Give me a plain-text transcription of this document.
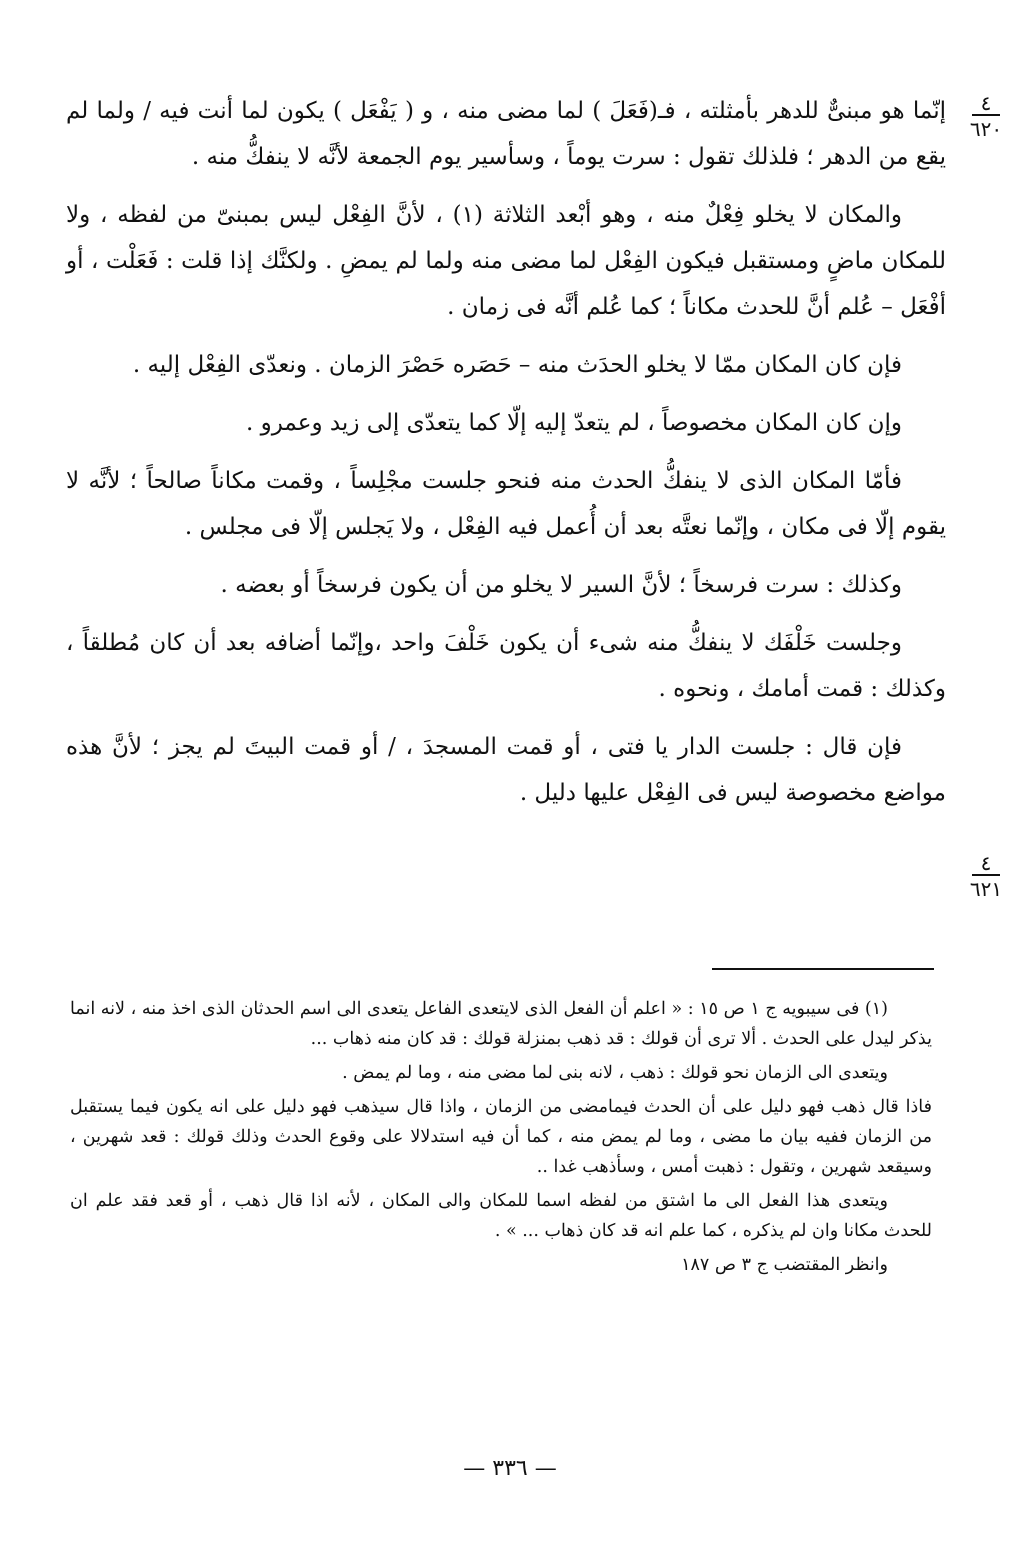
٤
٦٢٠
٤
٦٢١

إنّما هو مبنىٌّ للدهر بأمثلته ، فـ(فَعَلَ ) لما مضى منه ، و ( يَفْعَل ) يكون لما أنت فيه / ولما لم يقع من الدهر ؛ فلذلك تقول : سرت يوماً ، وسأسير يوم الجمعة لأنَّه لا ينفكُّ منه .

والمكان لا يخلو فِعْلٌ منه ، وهو أبْعد الثلاثة (١) ، لأنَّ الفِعْل ليس بمبنىّ من لفظه ، ولا للمكان ماضٍ ومستقبل فيكون الفِعْل لما مضى منه ولما لم يمضِ . ولكنَّك إذا قلت : فَعَلْت ، أو أفْعَل – عُلم أنَّ للحدث مكاناً ؛ كما عُلم أنَّه فى زمان .

فإن كان المكان ممّا لا يخلو الحدَث منه – حَصَره حَصْرَ الزمان . ونعدّى الفِعْل إليه .

وإن كان المكان مخصوصاً ، لم يتعدّ إليه إلّا كما يتعدّى إلى زيد وعمرو .

فأمّا المكان الذى لا ينفكُّ الحدث منه فنحو جلست مجْلِساً ، وقمت مكاناً صالحاً ؛ لأنَّه لا يقوم إلّا فى مكان ، وإنّما نعتَّه بعد أن أُعمل فيه الفِعْل ، ولا يَجلس إلّا فى مجلس .

وكذلك : سرت فرسخاً ؛ لأنَّ السير لا يخلو من أن يكون فرسخاً أو بعضه .

وجلست خَلْفَك لا ينفكُّ منه شىء أن يكون خَلْفَ واحد ،وإنّما أضافه بعد أن كان مُطلقاً ، وكذلك : قمت أمامك ، ونحوه .

فإن قال : جلست الدار يا فتى ، أو قمت المسجدَ ، / أو قمت البيتَ لم يجز ؛ لأنَّ هذه مواضع مخصوصة ليس فى الفِعْل عليها دليل .

(١) فى سيبويه ج ١ ص ١٥ : « اعلم أن الفعل الذى لايتعدى الفاعل يتعدى الى اسم الحدثان الذى اخذ منه ، لانه انما يذكر ليدل على الحدث . ألا ترى أن قولك : قد ذهب بمنزلة قولك : قد كان منه ذهاب ...

ويتعدى الى الزمان نحو قولك : ذهب ، لانه بنى لما مضى منه ، وما لم يمض .

فاذا قال ذهب فهو دليل على أن الحدث فيمامضى من الزمان ، واذا قال سيذهب فهو دليل على انه يكون فيما يستقبل من الزمان ففيه بيان ما مضى ، وما لم يمض منه ، كما أن فيه استدلالا على وقوع الحدث وذلك قولك : قعد شهرين ، وسيقعد شهرين ، وتقول : ذهبت أمس ، وسأذهب غدا ..

ويتعدى هذا الفعل الى ما اشتق من لفظه اسما للمكان والى المكان ، لأنه اذا قال ذهب ، أو قعد فقد علم ان للحدث مكانا وان لم يذكره ، كما علم انه قد كان ذهاب ... » .

وانظر المقتضب ج ٣ ص ١٨٧

— ٣٣٦ —
